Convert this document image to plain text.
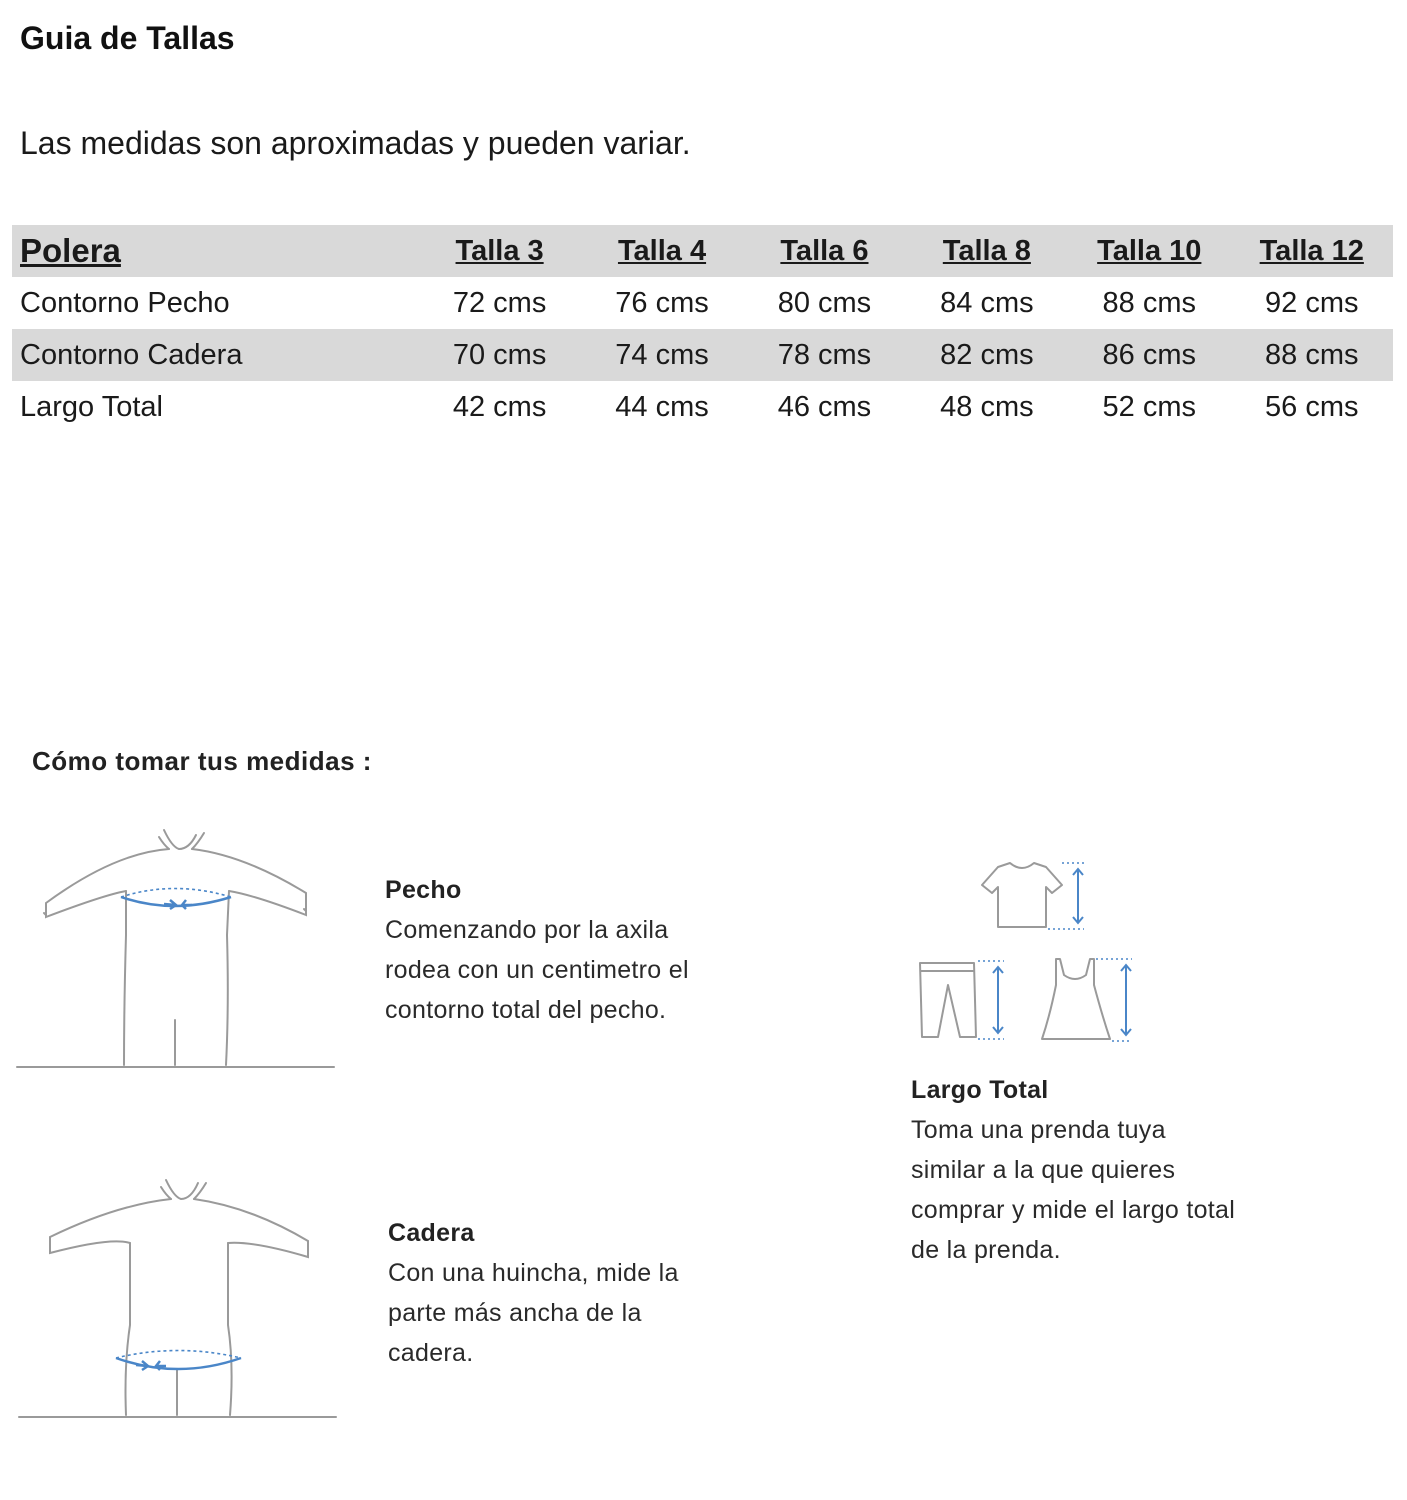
Guia de Tallas
Las medidas son aproximadas y pueden variar.
Polera	Talla 3	Talla 4	Talla 6	Talla 8	Talla 10	Talla 12
Contorno Pecho	72 cms	76 cms	80 cms	84 cms	88 cms	92 cms
Contorno Cadera	70 cms	74 cms	78 cms	82 cms	86 cms	88 cms
Largo Total	42 cms	44 cms	46 cms	48 cms	52 cms	56 cms
Cómo tomar tus medidas :
Pecho
Comenzando por la axila
rodea con un centimetro el
contorno total del pecho.
Cadera
Con una huincha, mide la
parte más ancha de la
cadera.
Largo Total
Toma una prenda tuya
similar a la que quieres
comprar y mide el largo total
de la prenda.
